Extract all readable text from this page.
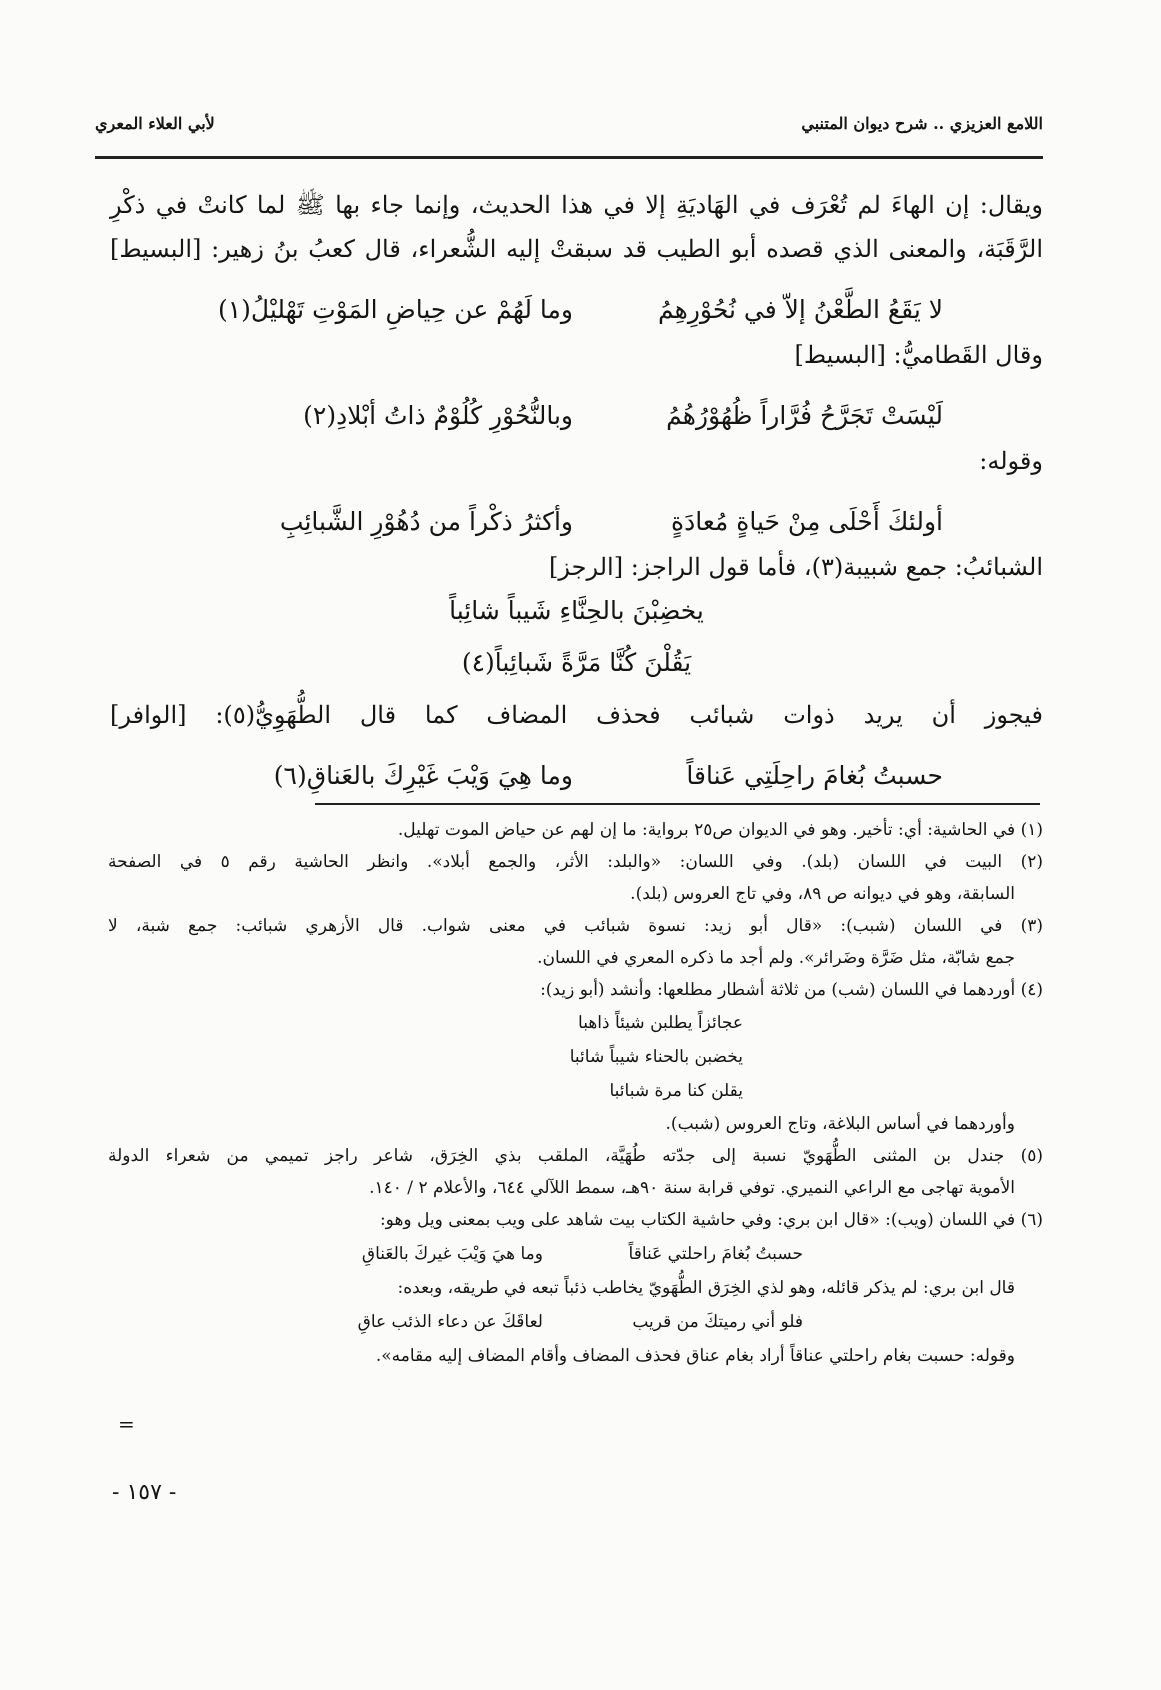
لأبي العلاء المعري	اللامع العزيزي .. شرح ديوان المتنبي
ويقال: إن الهاءَ لم تُعْرَف في الهَاديَةِ إلا في هذا الحديث، وإنما جاء بها ﷺ لما كانتْ في ذكْرِ
الرَّقَبَة، والمعنى الذي قصده أبو الطيب قد سبقتْ إليه الشُّعراء، قال كعبُ بنُ زهير: [البسيط]
لا يَقَعُ الطَّعْنُ إلاّ في نُحُوْرِهِمُ
وما لَهُمْ عن حِياضِ المَوْتِ تَهْليْلُ(١)
وقال القَطاميُّ: [البسيط]
لَيْسَتْ تَجَرَّحُ فُرَّاراً ظُهُوْرُهُمُ
وبالنُّحُوْرِ كُلُوْمٌ ذاتُ أبْلادِ(٢)
وقوله:
أولئكَ أَحْلَى مِنْ حَياةٍ مُعادَةٍ
وأكثرُ ذكْراً من دُهُوْرِ الشَّبائِبِ
الشبائبُ: جمع شبيبة(٣)، فأما قول الراجز: [الرجز]
يخضِبْنَ بالحِنَّاءِ شَيباً شائِباً
يَقُلْنَ كُنَّا مَرَّةً شَبائِباً(٤)
فيجوز أن يريد ذوات شبائب فحذف المضاف كما قال الطُّهَوِيُّ(٥): [الوافر]
حسبتُ بُغامَ راحِلَتِي عَناقاً
وما هِيَ وَيْبَ غَيْرِكَ بالعَناقِ(٦)
(١) في الحاشية: أي: تأخير. وهو في الديوان ص٢٥ برواية: ما إن لهم عن حياض الموت تهليل.
(٢) البيت في اللسان (بلد). وفي اللسان: «والبلد: الأثر، والجمع أبلاد». وانظر الحاشية رقم ٥ في الصفحة
السابقة، وهو في ديوانه ص ٨٩، وفي تاج العروس (بلد).
(٣) في اللسان (شبب): «قال أبو زيد: نسوة شبائب في معنى شواب. قال الأزهري شبائب: جمع شبة، لا
جمع شابّة، مثل ضَرَّة وضَرائر». ولم أجد ما ذكره المعري في اللسان.
(٤) أوردهما في اللسان (شب) من ثلاثة أشطار مطلعها: وأنشد (أبو زيد):
عجائزاً يطلبن شيئاً ذاهبا
يخضبن بالحناء شيباً شائبا
يقلن كنا مرة شبائبا
وأوردهما في أساس البلاغة، وتاج العروس (شبب).
(٥) جندل بن المثنى الطُّهَويّ نسبة إلى جدّته طُهَيَّة، الملقب بذي الخِرَق، شاعر راجز تميمي من شعراء الدولة
الأموية تهاجى مع الراعي النميري. توفي قرابة سنة ٩٠هـ، سمط اللآلي ٦٤٤، والأعلام ٢ / ١٤٠.
(٦) في اللسان (ويب): «قال ابن بري: وفي حاشية الكتاب بيت شاهد على ويب بمعنى ويل وهو:
حسبتُ بُغامَ راحلتي عَناقاً
وما هيَ وَيْبَ غيركَ بالعَناقِ
قال ابن بري: لم يذكر قائله، وهو لذي الخِرَق الطُّهَويّ يخاطب ذئباً تبعه في طريقه، وبعده:
فلو أني رميتكَ من قريب
لعاقَكَ عن دعاء الذئب عاقِ
وقوله: حسبت بغام راحلتي عناقاً أراد بغام عناق فحذف المضاف وأقام المضاف إليه مقامه».
=
- ١٥٧ -
